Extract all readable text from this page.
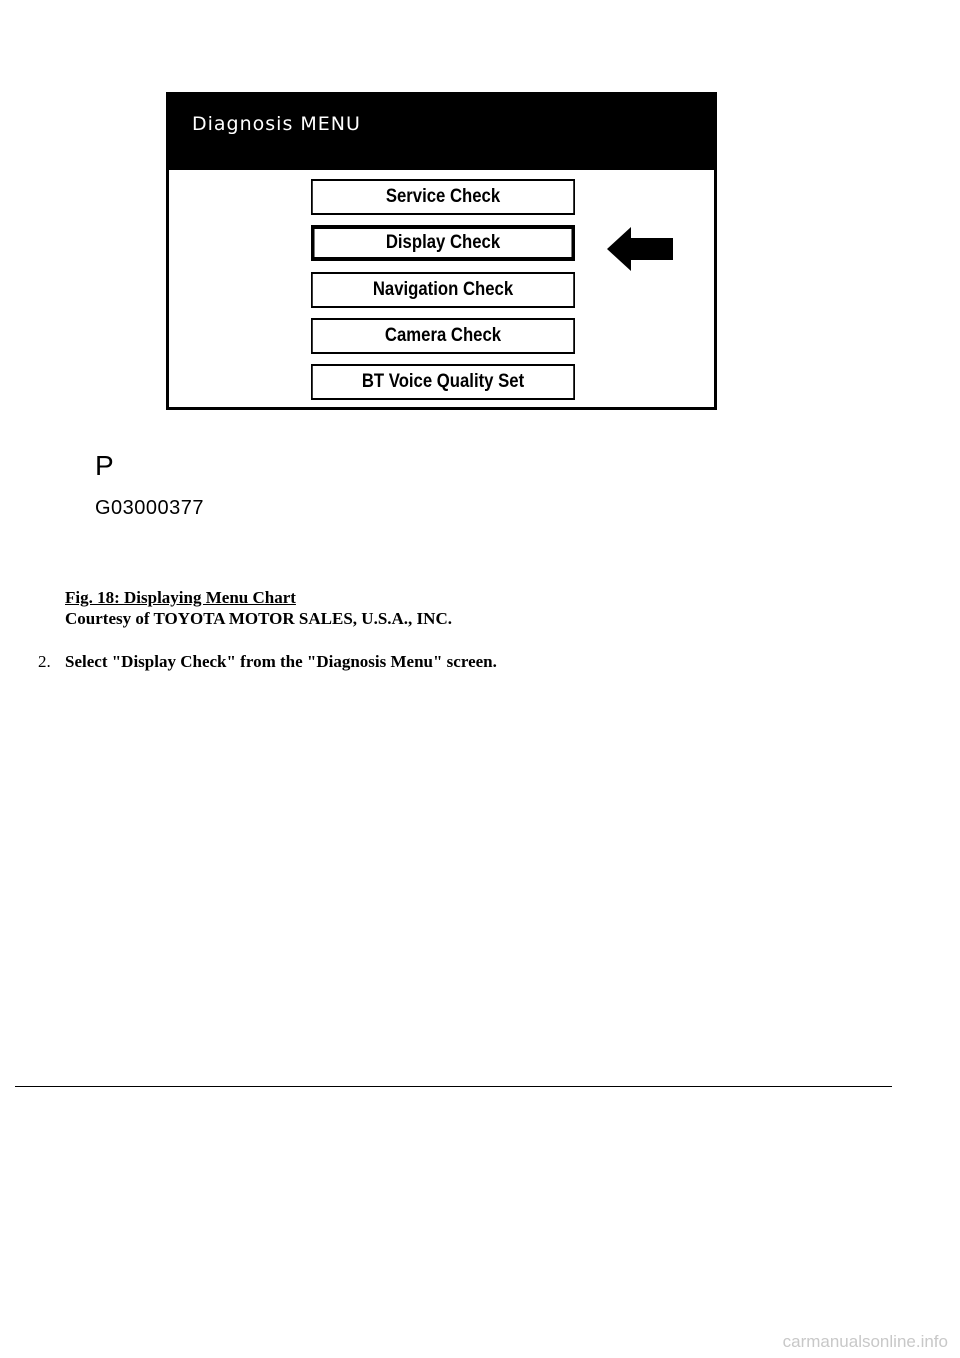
Diagnosis MENU
Service Check
Display Check
Navigation Check
Camera Check
BT Voice Quality Set
P
G03000377
Fig. 18: Displaying Menu Chart
Courtesy of TOYOTA MOTOR SALES, U.S.A., INC.
2. Select "Display Check" from the "Diagnosis Menu" screen.
carmanualsonline.info
